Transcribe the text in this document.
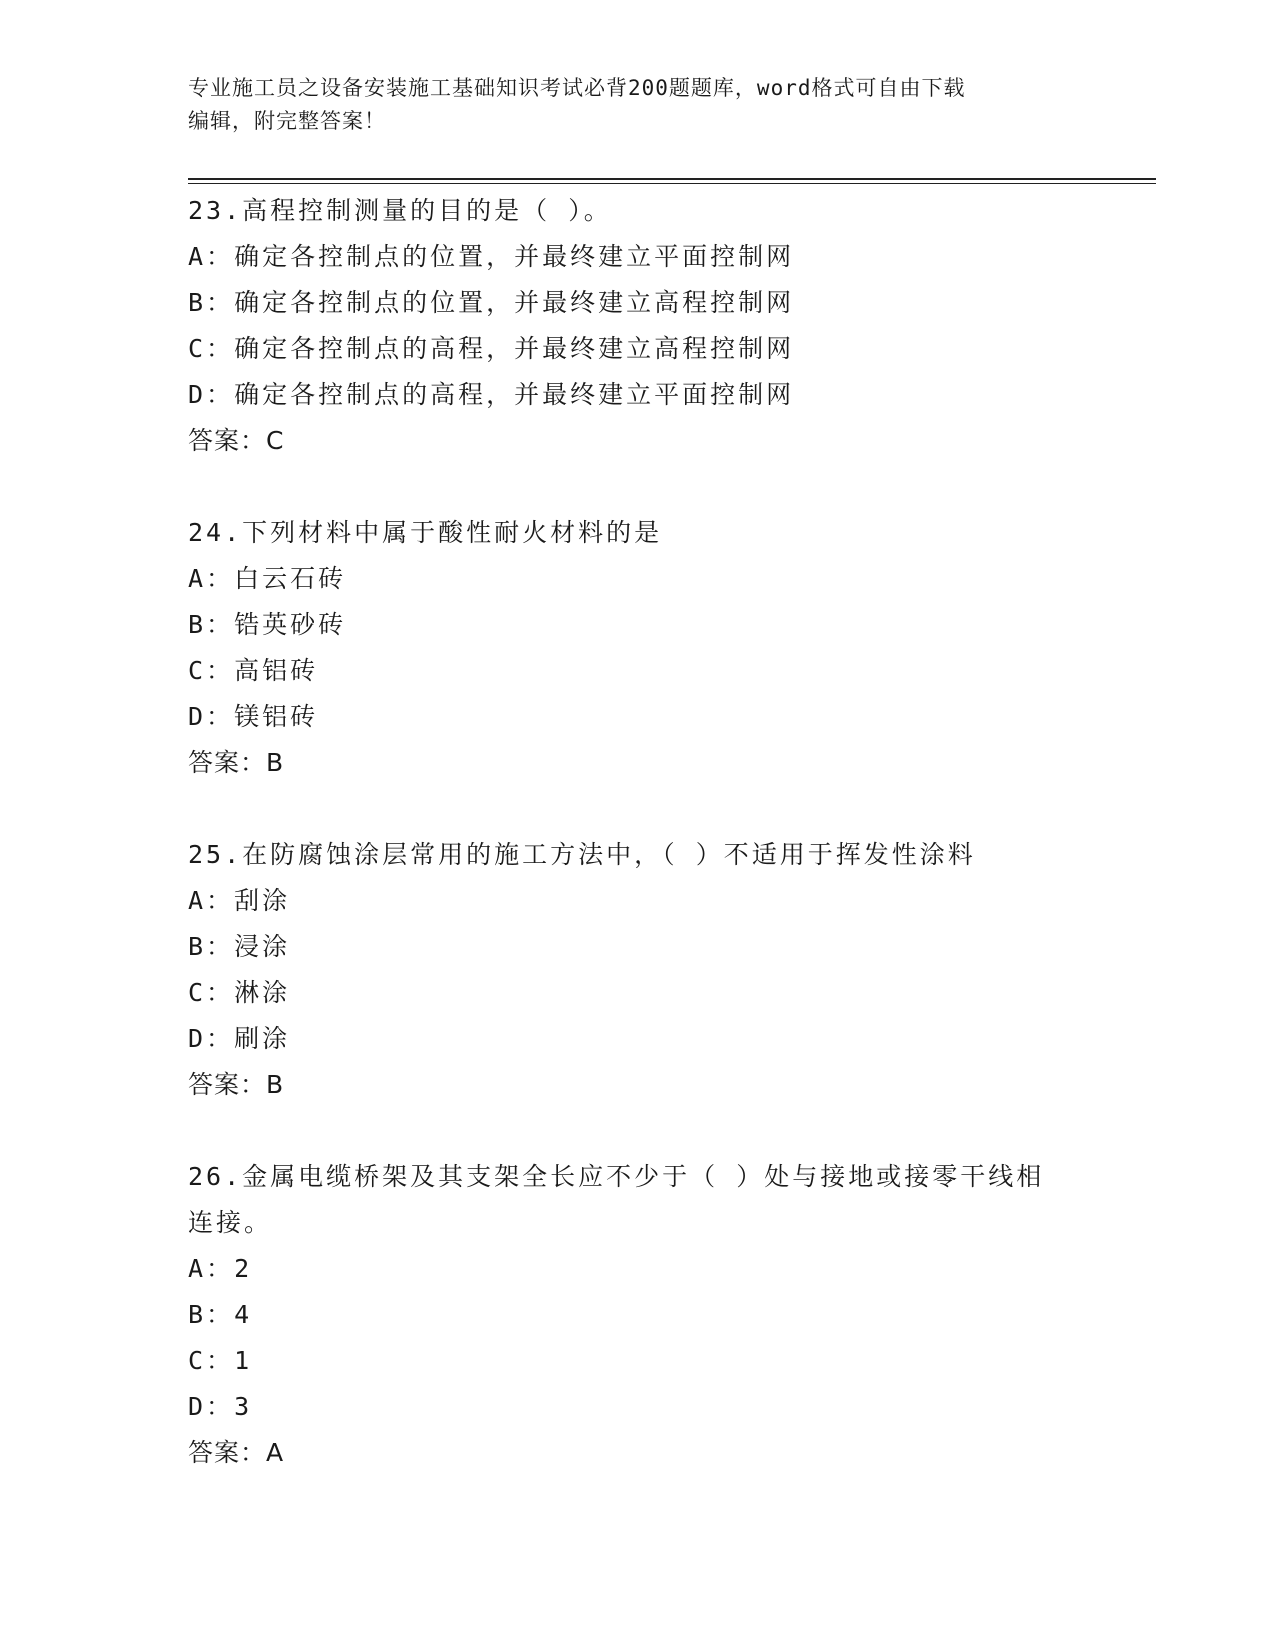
专业施工员之设备安装施工基础知识考试必背200题题库，word格式可自由下载
编辑，附完整答案！
23.高程控制测量的目的是（ ）。
A：确定各控制点的位置，并最终建立平面控制网
B：确定各控制点的位置，并最终建立高程控制网
C：确定各控制点的高程，并最终建立高程控制网
D：确定各控制点的高程，并最终建立平面控制网
答案：C
24.下列材料中属于酸性耐火材料的是
A：白云石砖
B：锆英砂砖
C：高铝砖
D：镁铝砖
答案：B
25.在防腐蚀涂层常用的施工方法中，（ ）不适用于挥发性涂料
A：刮涂
B：浸涂
C：淋涂
D：刷涂
答案：B
26.金属电缆桥架及其支架全长应不少于（ ）处与接地或接零干线相
连接。
A：2
B：4
C：1
D：3
答案：A
